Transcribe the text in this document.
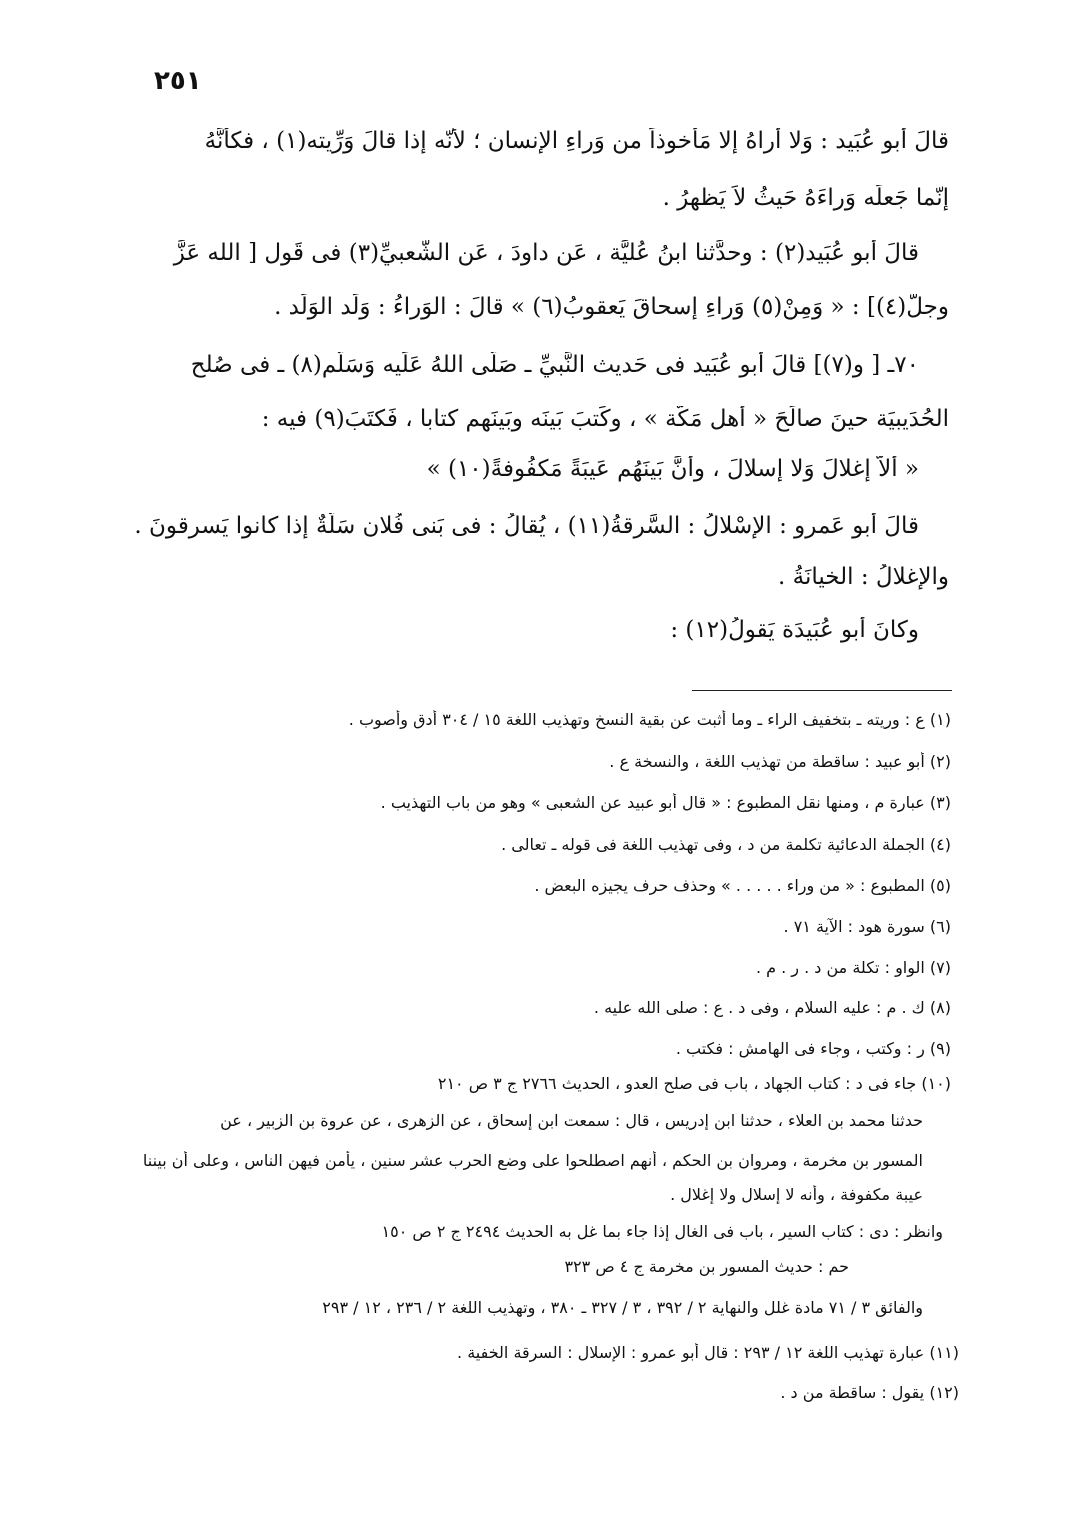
٢٥١
قالَ أبو عُبَيد : وَلا أُراهُ إلا مَأخوذاً من وَراءِ الإنسان ؛ لأنّه إذا قالَ وَرِّيته(١) ، فكأنَّهُ
إنّما جَعلَه وَراءَهُ حَيثُ لاَ يَظهرُ .
قالَ أبو عُبَيد(٢) : وحدَّثنا ابنُ عُليَّة ، عَن داودَ ، عَن الشَّعبيِّ(٣) فى قَول [ الله عَزَّ
وجلَّ(٤)] : « وَمِنْ(٥) وَراءِ إسحاقَ يَعقوبُ(٦) » قالَ : الوَراءُ : وَلَد الوَلَد .
٧٠ـ [ و(٧)] قالَ أبو عُبَيد فى حَديث النَّبيِّ ـ صَلّى اللهُ عَلَيه وَسَلَّم(٨) ـ فى صُلح
الحُدَيبيَة حينَ صالَحَ « أهل مَكَّة » ، وكَتبَ بَينَه وبَينَهم كتابا ، فَكتَبَ(٩) فيه :
« ألاّ إغلالَ وَلا إسلالَ ، وأنَّ بَينَهُم عَيبَةً مَكفُوفةً(١٠) »
قالَ أبو عَمرو : الإسْلالُ : السَّرقةُ(١١) ، يُقالُ : فى بَنى فُلان سَلَّةٌ إذا كانوا يَسرقونَ .
والإغلالُ : الخيانَةُ .
وكانَ أبو عُبَيدَة يَقولُ(١٢) :
(١) ع : ورِيته ـ بتخفيف الراء ـ وما أثبت عن بقية النسخ وتهذيب اللغة ١٥ / ٣٠٤ أدق وأصوب .
(٢) أبو عبيد : ساقطة من تهذيب اللغة ، والنسخة ع .
(٣) عبارة م ، ومنها نقل المطبوع : « قال أبو عبيد عن الشعبى » وهو من باب التهذيب .
(٤) الجملة الدعائية تكلمة من د ، وفى تهذيب اللغة فى قوله ـ تعالى .
(٥) المطبوع : « من وراء . . . . . » وحذف حرف يجيزه البعض .
(٦) سورة هود : الآية ٧١ .
(٧) الواو : تكلة من د . ر . م .
(٨) ك . م : عليه السلام ، وفى د . ع : صلى الله عليه .
(٩) ر : وكتب ، وجاء فى الهامش : فكتب .
(١٠) جاء فى د : كتاب الجهاد ، باب فى صلح العدو ، الحديث ٢٧٦٦ ج ٣ ص ٢١٠
حدثنا محمد بن العلاء ، حدثنا ابن إدريس ، قال : سمعت ابن إسحاق ، عن الزهرى ، عن عروة بن الزبير ، عن
المسور بن مخرمة ، ومروان بن الحكم ، أنهم اصطلحوا على وضع الحرب عشر سنين ، يأمن فيهن الناس ، وعلى أن بيننا
عيبة مكفوفة ، وأنه لا إسلال ولا إغلال .
وانظر : دى : كتاب السير ، باب فى الغال إذا جاء بما غل به الحديث ٢٤٩٤ ج ٢ ص ١٥٠
حم : حديث المسور بن مخرمة ج ٤ ص ٣٢٣
والفائق ٣ / ٧١ مادة غلل والنهاية ٢ / ٣٩٢ ، ٣ / ٣٢٧ ـ ٣٨٠ ، وتهذيب اللغة ٢ / ٢٣٦ ، ١٢ / ٢٩٣
(١١) عبارة تهذيب اللغة ١٢ / ٢٩٣ : قال أبو عمرو : الإسلال : السرقة الخفية .
(١٢) يقول : ساقطة من د .
